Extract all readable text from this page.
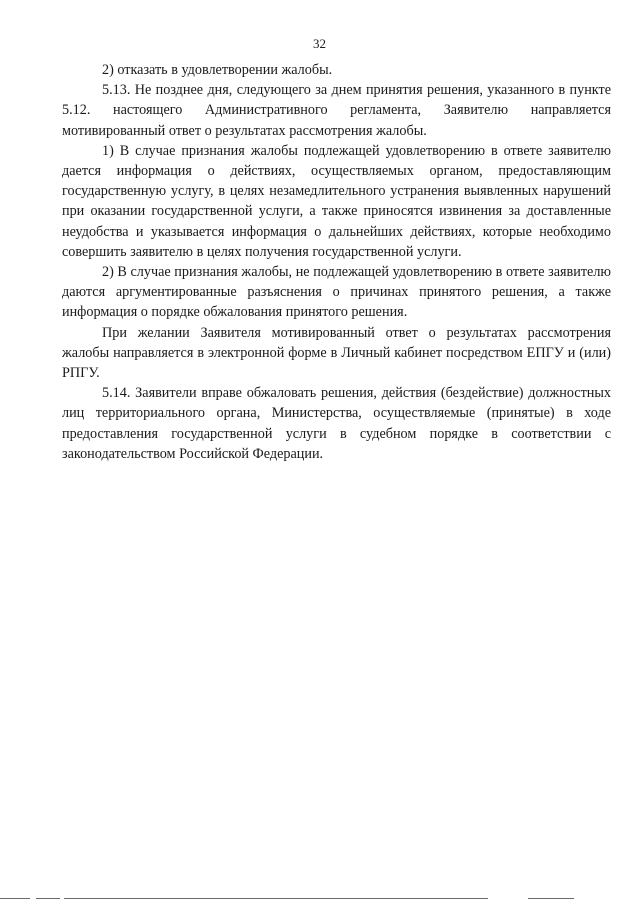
32

2) отказать в удовлетворении жалобы.

5.13. Не позднее дня, следующего за днем принятия решения, указанного в пункте 5.12. настоящего Административного регламента, Заявителю направляется мотивированный ответ о результатах рассмотрения жалобы.

1) В случае признания жалобы подлежащей удовлетворению в ответе заявителю дается информация о действиях, осуществляемых органом, предоставляющим государственную услугу, в целях незамедлительного устранения выявленных нарушений при оказании государственной услуги, а также приносятся извинения за доставленные неудобства и указывается информация о дальнейших действиях, которые необходимо совершить заявителю в целях получения государственной услуги.

2) В случае признания жалобы, не подлежащей удовлетворению в ответе заявителю даются аргументированные разъяснения о причинах принятого решения, а также информация о порядке обжалования принятого решения.

При желании Заявителя мотивированный ответ о результатах рассмотрения жалобы направляется в электронной форме в Личный кабинет посредством ЕПГУ и (или) РПГУ.

5.14. Заявители вправе обжаловать решения, действия (бездействие) должностных лиц территориального органа, Министерства, осуществляемые (принятые) в ходе предоставления государственной услуги в судебном порядке в соответствии с законодательством Российской Федерации.
